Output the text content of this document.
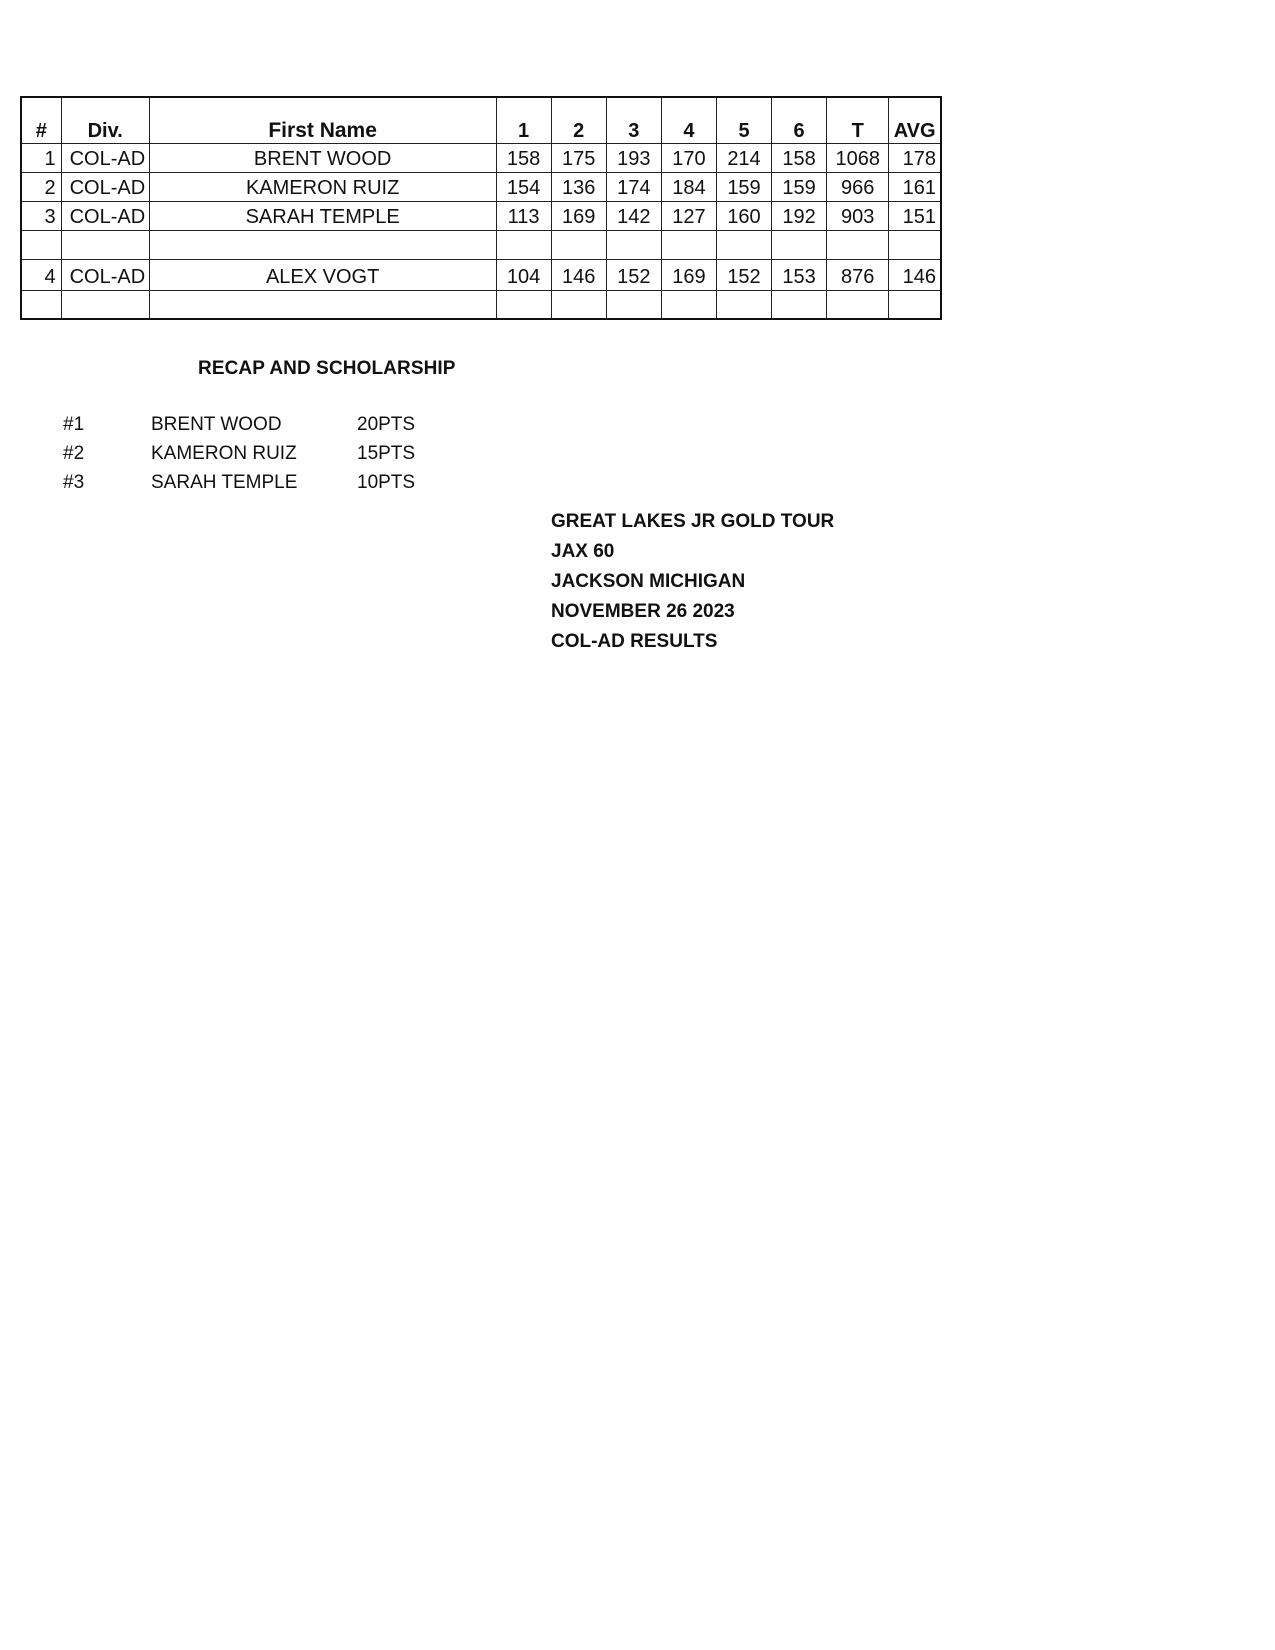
#	Div.	First Name	1	2	3	4	5	6	T	AVG
1	COL-AD	BRENT WOOD	158	175	193	170	214	158	1068	178
2	COL-AD	KAMERON RUIZ	154	136	174	184	159	159	966	161
3	COL-AD	SARAH TEMPLE	113	169	142	127	160	192	903	151

4	COL-AD	ALEX VOGT	104	146	152	169	152	153	876	146

RECAP AND SCHOLARSHIP
#1	BRENT WOOD	20PTS
#2	KAMERON RUIZ	15PTS
#3	SARAH TEMPLE	10PTS
GREAT LAKES JR GOLD TOUR
JAX 60
JACKSON MICHIGAN
NOVEMBER 26 2023
COL-AD RESULTS
